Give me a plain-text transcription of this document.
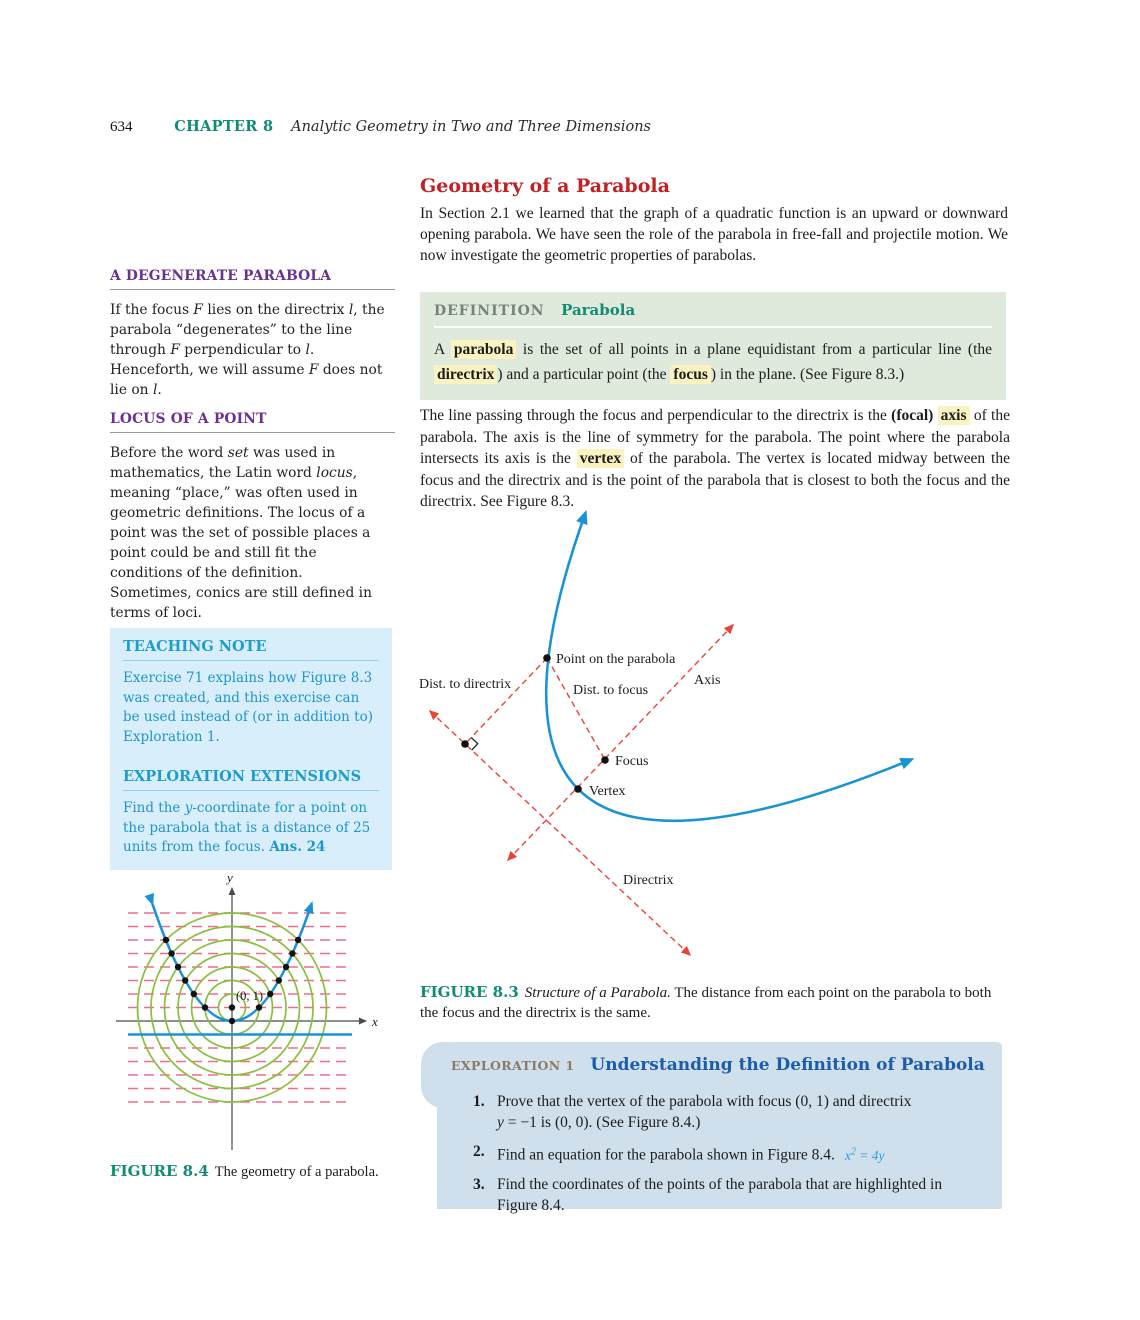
634	CHAPTER 8 Analytic Geometry in Two and Three Dimensions
Geometry of a Parabola
In Section 2.1 we learned that the graph of a quadratic function is an upward or downward opening parabola. We have seen the role of the parabola in free-fall and projectile motion. We now investigate the geometric properties of parabolas.
DEFINITION Parabola
A parabola is the set of all points in a plane equidistant from a particular line (the directrix ) and a particular point (the focus ) in the plane. (See Figure 8.3.)
The line passing through the focus and perpendicular to the directrix is the (focal) axis of the parabola. The axis is the line of symmetry for the parabola. The point where the parabola intersects its axis is the vertex of the parabola. The vertex is located midway between the focus and the directrix and is the point of the parabola that is closest to both the focus and the directrix. See Figure 8.3.
Point on the parabola
Dist. to directrix	Dist. to focus
Axis
Focus
Vertex
Directrix
FIGURE 8.3 Structure of a Parabola. The distance from each point on the parabola to both the focus and the directrix is the same.
EXPLORATION 1 Understanding the Definition of Parabola
1. Prove that the vertex of the parabola with focus (0, 1) and directrix
y = −1 is (0, 0). (See Figure 8.4.)
2. Find an equation for the parabola shown in Figure 8.4. $x^2 = 4y$
3. Find the coordinates of the points of the parabola that are highlighted in
Figure 8.4.
A DEGENERATE PARABOLA
If the focus F lies on the directrix l, the parabola “degenerates” to the line through F perpendicular to l. Henceforth, we will assume F does not lie on l.
LOCUS OF A POINT
Before the word set was used in mathematics, the Latin word locus, meaning “place,” was often used in geometric definitions. The locus of a point was the set of possible places a point could be and still fit the conditions of the definition. Sometimes, conics are still defined in terms of loci.
TEACHING NOTE
Exercise 71 explains how Figure 8.3 was created, and this exercise can be used instead of (or in addition to) Exploration 1.
EXPLORATION EXTENSIONS
Find the y-coordinate for a point on the parabola that is a distance of 25 units from the focus. Ans. 24
x
y
(0, 1)
FIGURE 8.4 The geometry of a parabola.
